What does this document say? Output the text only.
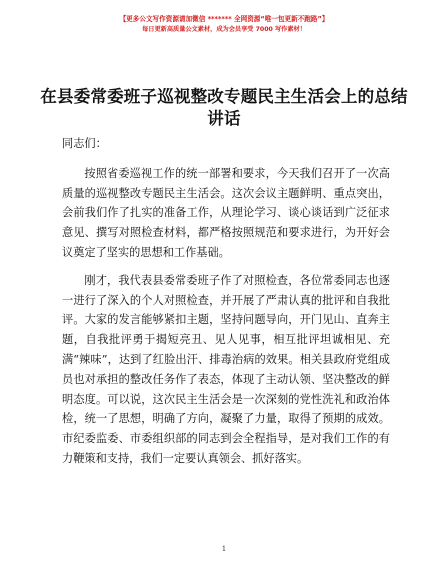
【更多公文写作资源请加微信 ******* 全网资源“唯一包更新不跑路”】
每日更新高质量公文素材，成为会员享受 7000 写作素材！
在县委常委班子巡视整改专题民主生活会上的总结讲话

同志们：

按照省委巡视工作的统一部署和要求，今天我们召开了一次高质量的巡视整改专题民主生活会。这次会议主题鲜明、重点突出，会前我们作了扎实的准备工作，从理论学习、谈心谈话到广泛征求意见、撰写对照检查材料，都严格按照规范和要求进行，为开好会议奠定了坚实的思想和工作基础。

刚才，我代表县委常委班子作了对照检查，各位常委同志也逐一进行了深入的个人对照检查，并开展了严肃认真的批评和自我批评。大家的发言能够紧扣主题，坚持问题导向，开门见山、直奔主题，自我批评勇于揭短亮丑、见人见事，相互批评坦诚相见、充满“辣味”，达到了红脸出汗、排毒治病的效果。相关县政府党组成员也对承担的整改任务作了表态，体现了主动认领、坚决整改的鲜明态度。可以说，这次民主生活会是一次深刻的党性洗礼和政治体检，统一了思想，明确了方向，凝聚了力量，取得了预期的成效。市纪委监委、市委组织部的同志到会全程指导，是对我们工作的有力鞭策和支持，我们一定要认真领会、抓好落实。

1
